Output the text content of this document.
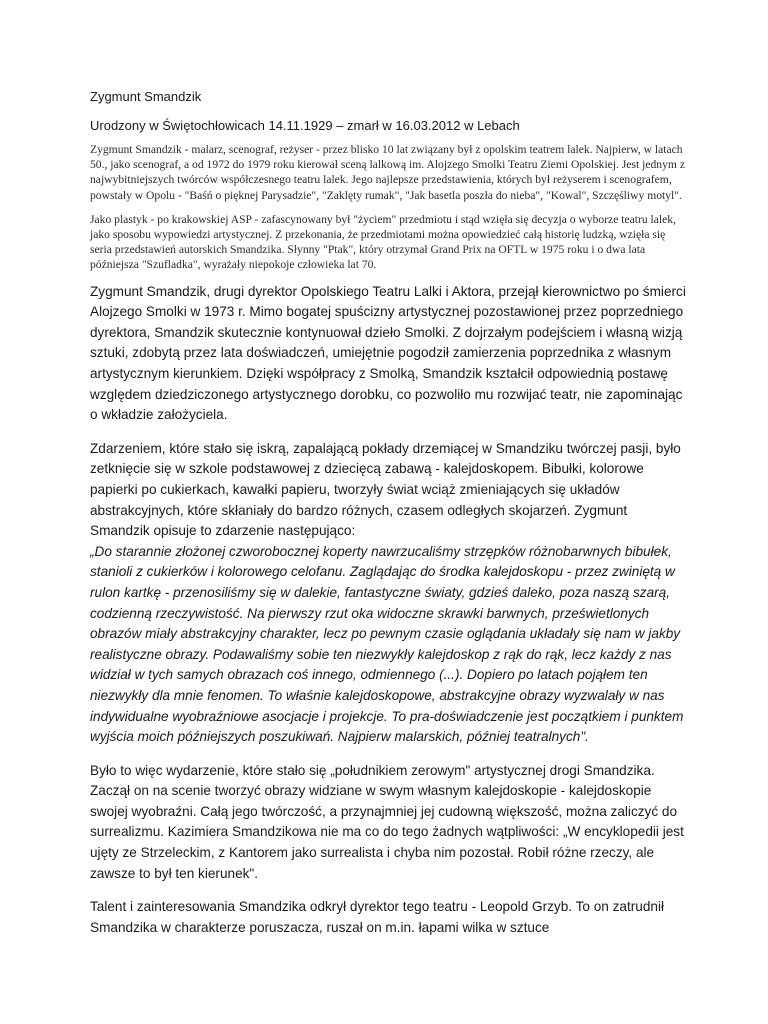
Zygmunt Smandzik

Urodzony w Świętochłowicach 14.11.1929 – zmarł w 16.03.2012 w Lebach

Zygmunt Smandzik - malarz, scenograf, reżyser - przez blisko 10 lat związany był z opolskim teatrem lalek. Najpierw, w latach 50., jako scenograf, a od 1972 do 1979 roku kierował sceną lalkową im. Alojzego Smolki Teatru Ziemi Opolskiej. Jest jednym z najwybitniejszych twórców współczesnego teatru lalek. Jego najlepsze przedstawienia, których był reżyserem i scenografem, powstały w Opolu - "Baśń o pięknej Parysadzie", "Zaklęty rumak", "Jak basetla poszła do nieba", "Kowal", Szczęśliwy motyl".

Jako plastyk - po krakowskiej ASP - zafascynowany był "życiem" przedmiotu i stąd wzięła się decyzja o wyborze teatru lalek, jako sposobu wypowiedzi artystycznej. Z przekonania, że przedmiotami można opowiedzieć całą historię ludzką, wzięła się seria przedstawień autorskich Smandzika. Słynny "Ptak", który otrzymał Grand Prix na OFTL w 1975 roku i o dwa lata późniejsza "Szufladka", wyrażały niepokoje człowieka lat 70.

Zygmunt Smandzik, drugi dyrektor Opolskiego Teatru Lalki i Aktora, przejął kierownictwo po śmierci Alojzego Smolki w 1973 r. Mimo bogatej spuścizny artystycznej pozostawionej przez poprzedniego dyrektora, Smandzik skutecznie kontynuował dzieło Smolki. Z dojrzałym podejściem i własną wizją sztuki, zdobytą przez lata doświadczeń, umiejętnie pogodził zamierzenia poprzednika z własnym artystycznym kierunkiem. Dzięki współpracy z Smolką, Smandzik kształcił odpowiednią postawę względem dziedziczonego artystycznego dorobku, co pozwoliło mu rozwijać teatr, nie zapominając o wkładzie założyciela.

Zdarzeniem, które stało się iskrą, zapalającą pokłady drzemiącej w Smandziku twórczej pasji, było zetknięcie się w szkole podstawowej z dziecięcą zabawą - kalejdoskopem. Bibułki, kolorowe papierki po cukierkach, kawałki papieru, tworzyły świat wciąż zmieniających się układów abstrakcyjnych, które skłaniały do bardzo różnych, czasem odległych skojarzeń. Zygmunt Smandzik opisuje to zdarzenie następująco:
„Do starannie złożonej czworobocznej koperty nawrzucaliśmy strzępków różnobarwnych bibułek, stanioli z cukierków i kolorowego celofanu. Zaglądając do środka kalejdoskopu - przez zwiniętą w rulon kartkę - przenosiliśmy się w dalekie, fantastyczne światy, gdzieś daleko, poza naszą szarą, codzienną rzeczywistość. Na pierwszy rzut oka widoczne skrawki barwnych, prześwietlonych obrazów miały abstrakcyjny charakter, lecz po pewnym czasie oglądania układały się nam w jakby realistyczne obrazy. Podawaliśmy sobie ten niezwykły kalejdoskop z rąk do rąk, lecz każdy z nas widział w tych samych obrazach coś innego, odmiennego (...). Dopiero po latach pojąłem ten niezwykły dla mnie fenomen. To właśnie kalejdoskopowe, abstrakcyjne obrazy wyzwalały w nas indywidualne wyobraźniowe asocjacje i projekcje. To pra-doświadczenie jest początkiem i punktem wyjścia moich późniejszych poszukiwań. Najpierw malarskich, później teatralnych".

Było to więc wydarzenie, które stało się „południkiem zerowym" artystycznej drogi Smandzika. Zaczął on na scenie tworzyć obrazy widziane w swym własnym kalejdoskopie - kalejdoskopie swojej wyobraźni. Całą jego twórczość, a przynajmniej jej cudowną większość, można zaliczyć do surrealizmu. Kazimiera Smandzikowa nie ma co do tego żadnych wątpliwości: „W encyklopedii jest ujęty ze Strzeleckim, z Kantorem jako surrealista i chyba nim pozostał. Robił różne rzeczy, ale zawsze to był ten kierunek".

Talent i zainteresowania Smandzika odkrył dyrektor tego teatru - Leopold Grzyb. To on zatrudnił Smandzika w charakterze poruszacza, ruszał on m.in. łapami wilka w sztuce
